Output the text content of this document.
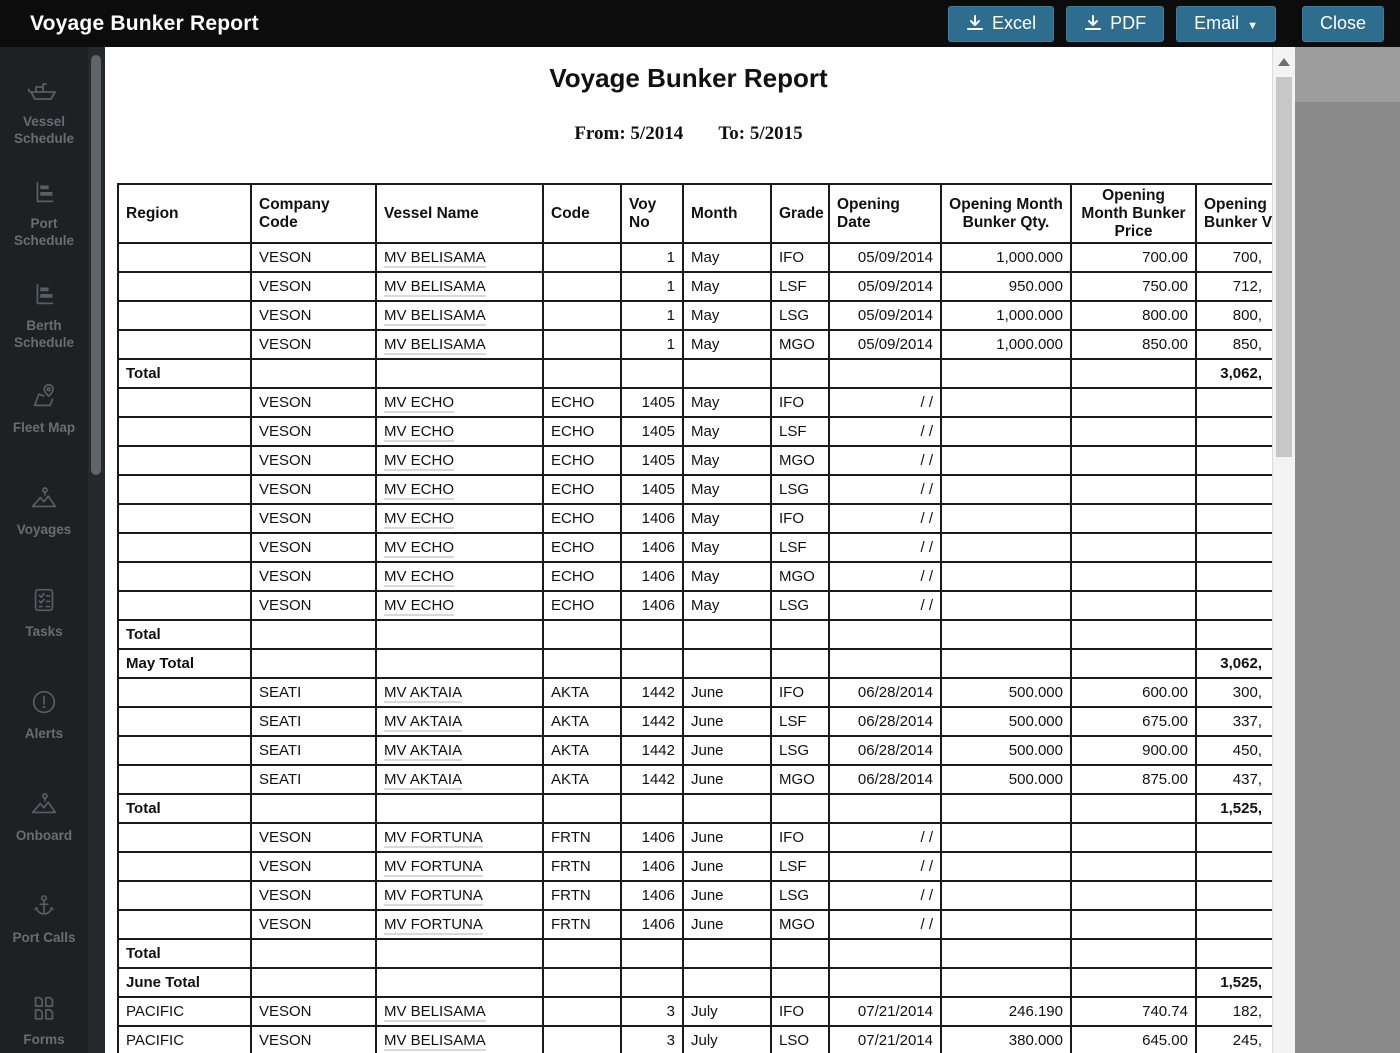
Voyage Bunker Report	Excel	PDF	Email ▼	Close
Vessel Schedule
Port Schedule
Berth Schedule
Fleet Map
Voyages
Tasks
Alerts
Onboard
Port Calls
Forms
Voyage Bunker Report
From: 5/2014 To: 5/2015
Region	Company Code	Vessel Name	Code	Voy No	Month	Grade	Opening Date	Opening Month Bunker Qty.	Opening Month Bunker Price	Opening Bunker V
	VESON	MV BELISAMA		1	May	IFO	05/09/2014	1,000.000	700.00	700,
	VESON	MV BELISAMA		1	May	LSF	05/09/2014	950.000	750.00	712,
	VESON	MV BELISAMA		1	May	LSG	05/09/2014	1,000.000	800.00	800,
	VESON	MV BELISAMA		1	May	MGO	05/09/2014	1,000.000	850.00	850,
Total										3,062,
	VESON	MV ECHO	ECHO	1405	May	IFO	/ /			
	VESON	MV ECHO	ECHO	1405	May	LSF	/ /			
	VESON	MV ECHO	ECHO	1405	May	MGO	/ /			
	VESON	MV ECHO	ECHO	1405	May	LSG	/ /			
	VESON	MV ECHO	ECHO	1406	May	IFO	/ /			
	VESON	MV ECHO	ECHO	1406	May	LSF	/ /			
	VESON	MV ECHO	ECHO	1406	May	MGO	/ /			
	VESON	MV ECHO	ECHO	1406	May	LSG	/ /			
Total										
May Total										3,062,
	SEATI	MV AKTAIA	AKTA	1442	June	IFO	06/28/2014	500.000	600.00	300,
	SEATI	MV AKTAIA	AKTA	1442	June	LSF	06/28/2014	500.000	675.00	337,
	SEATI	MV AKTAIA	AKTA	1442	June	LSG	06/28/2014	500.000	900.00	450,
	SEATI	MV AKTAIA	AKTA	1442	June	MGO	06/28/2014	500.000	875.00	437,
Total										1,525,
	VESON	MV FORTUNA	FRTN	1406	June	IFO	/ /			
	VESON	MV FORTUNA	FRTN	1406	June	LSF	/ /			
	VESON	MV FORTUNA	FRTN	1406	June	LSG	/ /			
	VESON	MV FORTUNA	FRTN	1406	June	MGO	/ /			
Total										
June Total										1,525,
PACIFIC	VESON	MV BELISAMA		3	July	IFO	07/21/2014	246.190	740.74	182,
PACIFIC	VESON	MV BELISAMA		3	July	LSO	07/21/2014	380.000	645.00	245,
